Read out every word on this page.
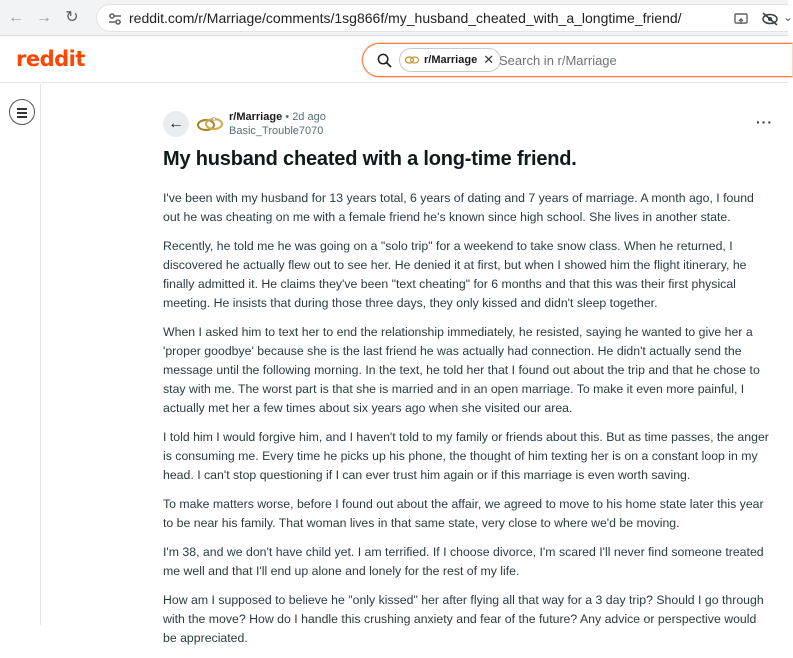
← → ↻	reddit.com/r/Marriage/comments/1sg866f/my_husband_cheated_with_a_longtime_friend/	⌄
reddit	r/Marriage ✕ Search in r/Marriage
←	r/Marriage • 2d ago
Basic_Trouble7070
···
My husband cheated with a long-time friend.

I've been with my husband for 13 years total, 6 years of dating and 7 years of marriage. A month ago, I found out he was cheating on me with a female friend he's known since high school. She lives in another state.

Recently, he told me he was going on a "solo trip" for a weekend to take snow class. When he returned, I discovered he actually flew out to see her. He denied it at first, but when I showed him the flight itinerary, he finally admitted it. He claims they've been "text cheating" for 6 months and that this was their first physical meeting. He insists that during those three days, they only kissed and didn't sleep together.

When I asked him to text her to end the relationship immediately, he resisted, saying he wanted to give her a 'proper goodbye' because she is the last friend he was actually had connection. He didn't actually send the message until the following morning. In the text, he told her that I found out about the trip and that he chose to stay with me. The worst part is that she is married and in an open marriage. To make it even more painful, I actually met her a few times about six years ago when she visited our area.

I told him I would forgive him, and I haven't told to my family or friends about this. But as time passes, the anger is consuming me. Every time he picks up his phone, the thought of him texting her is on a constant loop in my head. I can't stop questioning if I can ever trust him again or if this marriage is even worth saving.

To make matters worse, before I found out about the affair, we agreed to move to his home state later this year to be near his family. That woman lives in that same state, very close to where we'd be moving.

I'm 38, and we don't have child yet. I am terrified. If I choose divorce, I'm scared I'll never find someone treated me well and that I'll end up alone and lonely for the rest of my life.

How am I supposed to believe he "only kissed" her after flying all that way for a 3 day trip? Should I go through with the move? How do I handle this crushing anxiety and fear of the future? Any advice or perspective would be appreciated.
